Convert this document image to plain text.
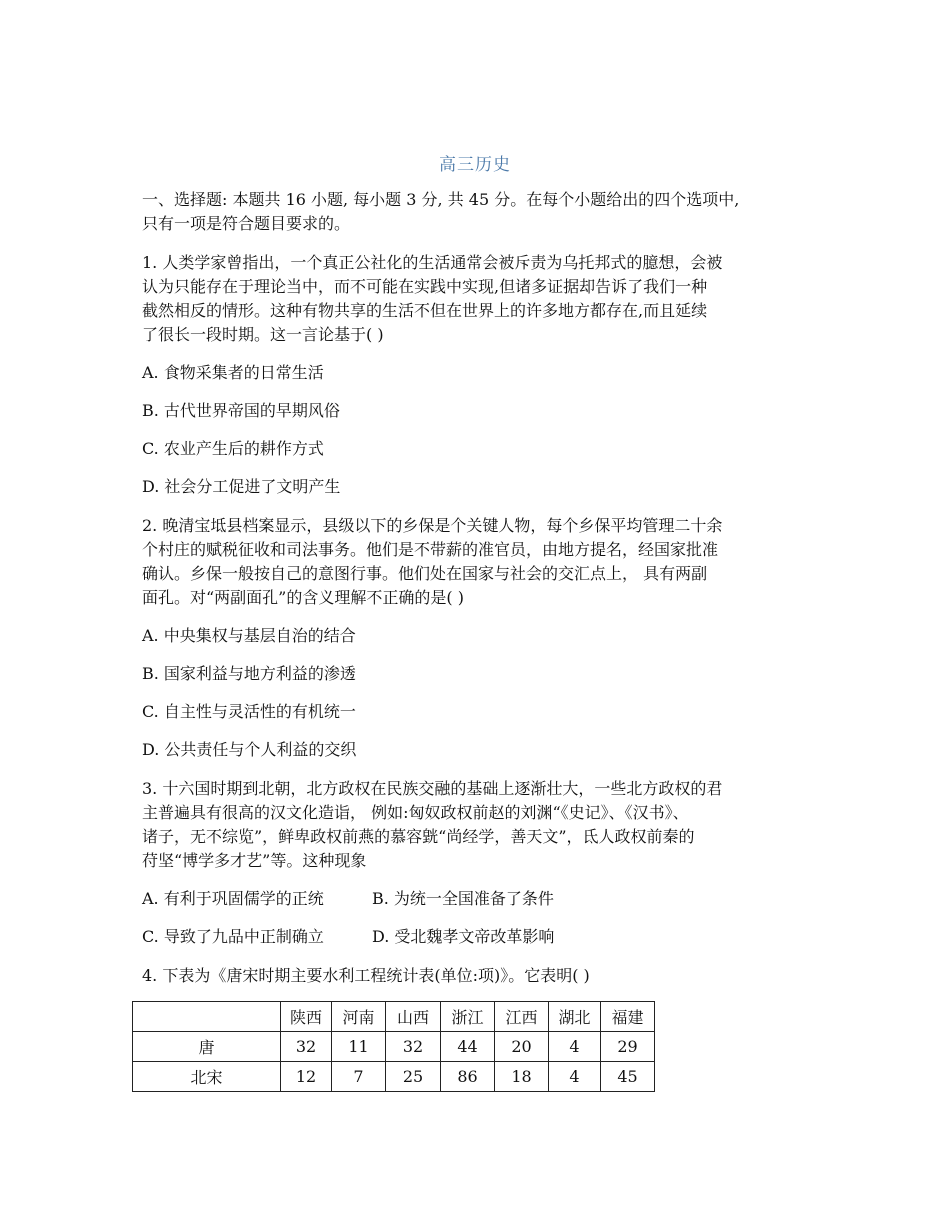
高三历史
一、选择题: 本题共 16 小题, 每小题 3 分, 共 45 分。在每个小题给出的四个选项中,
只有一项是符合题目要求的。
1. 人类学家曾指出，一个真正公社化的生活通常会被斥责为乌托邦式的臆想，会被
认为只能存在于理论当中，而不可能在实践中实现,但诸多证据却告诉了我们一种
截然相反的情形。这种有物共享的生活不但在世界上的许多地方都存在,而且延续
了很长一段时期。这一言论基于( )
A. 食物采集者的日常生活
B. 古代世界帝国的早期风俗
C. 农业产生后的耕作方式
D. 社会分工促进了文明产生
2. 晚清宝坻县档案显示，县级以下的乡保是个关键人物，每个乡保平均管理二十余
个村庄的赋税征收和司法事务。他们是不带薪的准官员，由地方提名，经国家批准
确认。乡保一般按自己的意图行事。他们处在国家与社会的交汇点上， 具有两副
面孔。对“两副面孔”的含义理解不正确的是( )
A. 中央集权与基层自治的结合
B. 国家利益与地方利益的渗透
C. 自主性与灵活性的有机统一
D. 公共责任与个人利益的交织
3. 十六国时期到北朝，北方政权在民族交融的基础上逐渐壮大，一些北方政权的君
主普遍具有很高的汉文化造诣， 例如:匈奴政权前赵的刘渊“《史记》、《汉书》、
诸子，无不综览”，鲜卑政权前燕的慕容皝“尚经学，善天文”，氐人政权前秦的
苻坚“博学多才艺”等。这种现象
A. 有利于巩固儒学的正统	B. 为统一全国准备了条件
C. 导致了九品中正制确立	D. 受北魏孝文帝改革影响
4. 下表为《唐宋时期主要水利工程统计表(单位:项)》。它表明( )
	陕西	河南	山西	浙江	江西	湖北	福建
唐	32	11	32	44	20	4	29
北宋	12	7	25	86	18	4	45
